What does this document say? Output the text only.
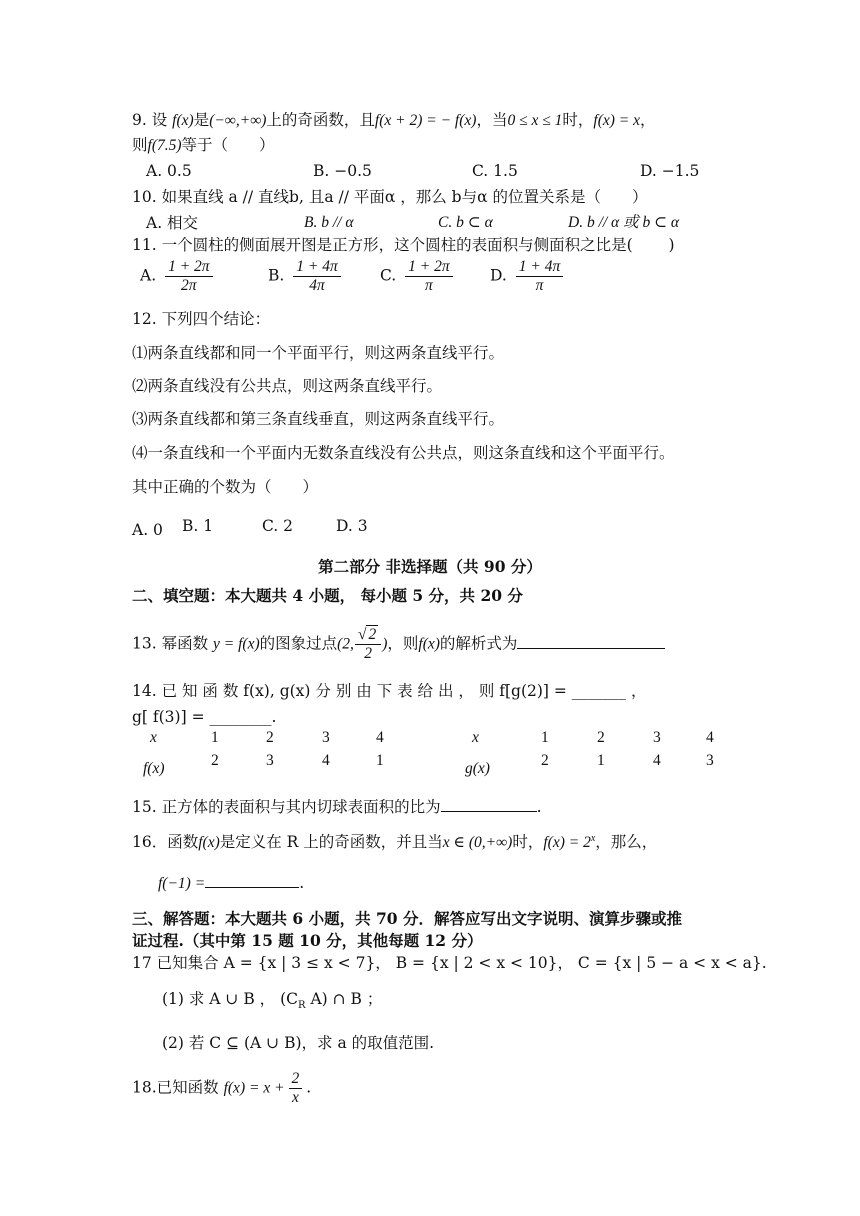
9. 设 f(x)是(−∞,+∞)上的奇函数，且f(x + 2) = − f(x)，当0 ≤ x ≤ 1时，f(x) = x，
则f(7.5)等于（　　）
A. 0.5	B. −0.5	C. 1.5	D. −1.5
10. 如果直线 a // 直线b, 且a // 平面α ，那么 b与α 的位置关系是（　　）
A. 相交	B. b // α	C. b ⊂ α	D. b // α 或 b ⊂ α
11. 一个圆柱的侧面展开图是正方形，这个圆柱的表面积与侧面积之比是(　　 )
A. $\frac{1 + 2\pi}{2\pi}$	B. $\frac{1 + 4\pi}{4\pi}$	C. $\frac{1 + 2\pi}{\pi} D$. $\frac{1 + 4\pi}{\pi}$
12. 下列四个结论：
⑴两条直线都和同一个平面平行，则这两条直线平行。
⑵两条直线没有公共点，则这两条直线平行。
⑶两条直线都和第三条直线垂直，则这两条直线平行。
⑷一条直线和一个平面内无数条直线没有公共点，则这条直线和这个平面平行。
其中正确的个数为（　　）
A. 0 B. 1	C. 2	D. 3
第二部分 非选择题（共 90 分）
二、填空题：本大题共 4 小题， 每小题 5 分，共 20 分
13. 幂函数 y = f(x)的图象过点(2, $\frac{√ 2}{2}$ )，则f(x)的解析式为
14. 已 知 函 数 f(x), g(x) 分 别 由 下 表 给 出 ， 则 f[g(2)] = _______ ，
g[ f(3)] = ________.
x	1	2	3	4
f(x)	2	3	4	1
x	1	2	3	4
g(x)	2	1	4	3
15. 正方体的表面积与其内切球表面积的比为	.
16．函数f(x)是定义在 R 上的奇函数，并且当x ∈ (0,+∞)时，$f(x) = 2^x$，那么，
f(−1) =	.
三、解答题：本大题共 6 小题，共 70 分．解答应写出文字说明、演算步骤或推
证过程.（其中第 15 题 10 分，其他每题 12 分）
17 已知集合 A = {x | 3 ≤ x < 7}， B = {x | 2 < x < 10}， C = {x | 5 − a < x < a}.
(1) 求 A ∪ B ， ($C_R$ A) ∩ B ；
(2) 若 C ⊆ (A ∪ B)，求 a 的取值范围.
18.已知函数 $f(x) = x + \frac{2}{x}$ .
